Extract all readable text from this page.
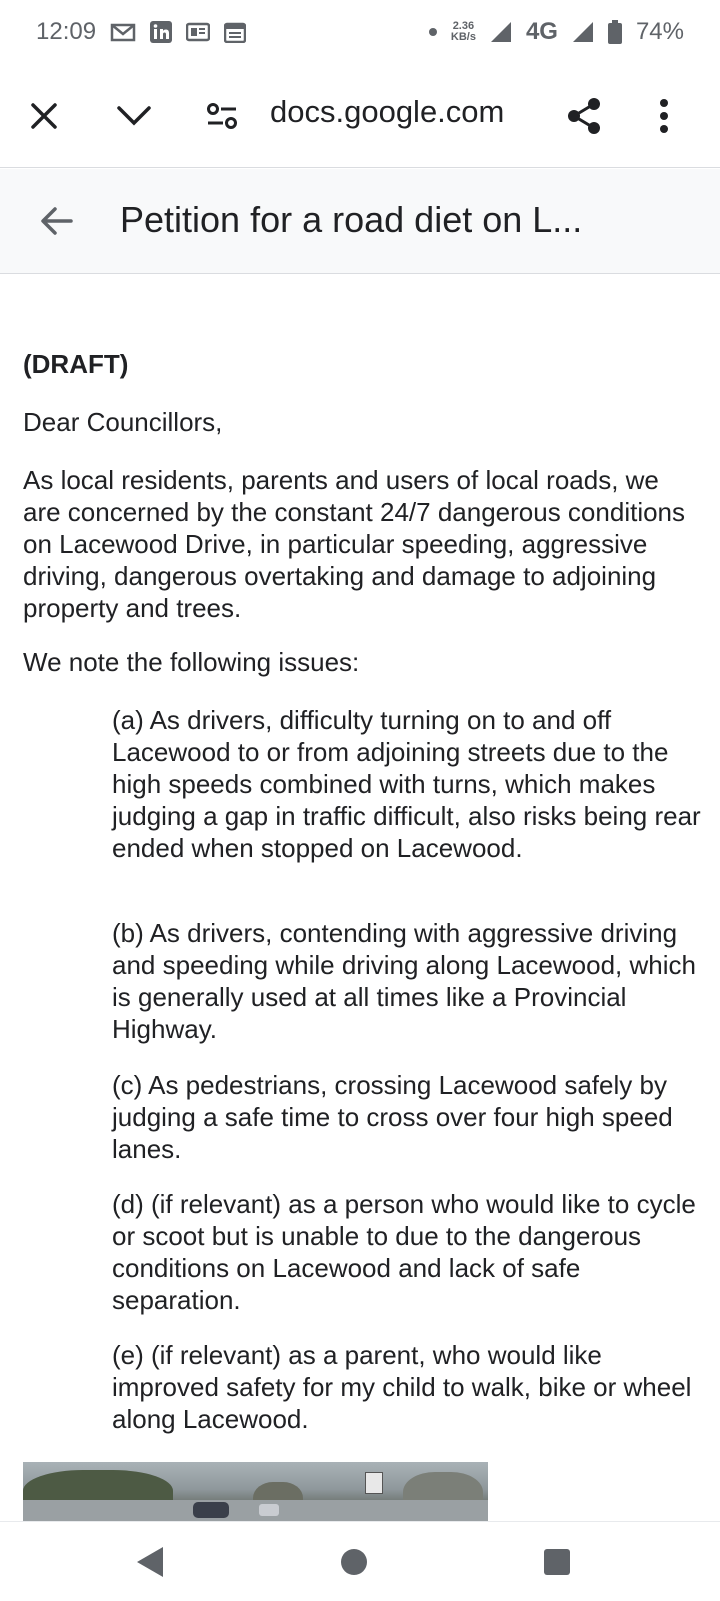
12:09	2.36
KB/s 4G	74%
docs.google.com
Petition for a road diet on L...
(DRAFT)
Dear Councillors,
As local residents, parents and users of local roads, we are concerned by the constant 24/7 dangerous conditions on Lacewood Drive, in particular speeding, aggressive driving, dangerous overtaking and damage to adjoining property and trees.
We note the following issues:
(a) As drivers, difficulty turning on to and off Lacewood to or from adjoining streets due to the high speeds combined with turns, which makes judging a gap in traffic difficult, also risks being rear ended when stopped on Lacewood.
(b) As drivers, contending with aggressive driving and speeding while driving along Lacewood, which is generally used at all times like a Provincial Highway.
(c) As pedestrians, crossing Lacewood safely by judging a safe time to cross over four high speed lanes.
(d) (if relevant) as a person who would like to cycle or scoot but is unable to due to the dangerous conditions on Lacewood and lack of safe separation.
(e) (if relevant) as a parent, who would like improved safety for my child to walk, bike or wheel along Lacewood.
